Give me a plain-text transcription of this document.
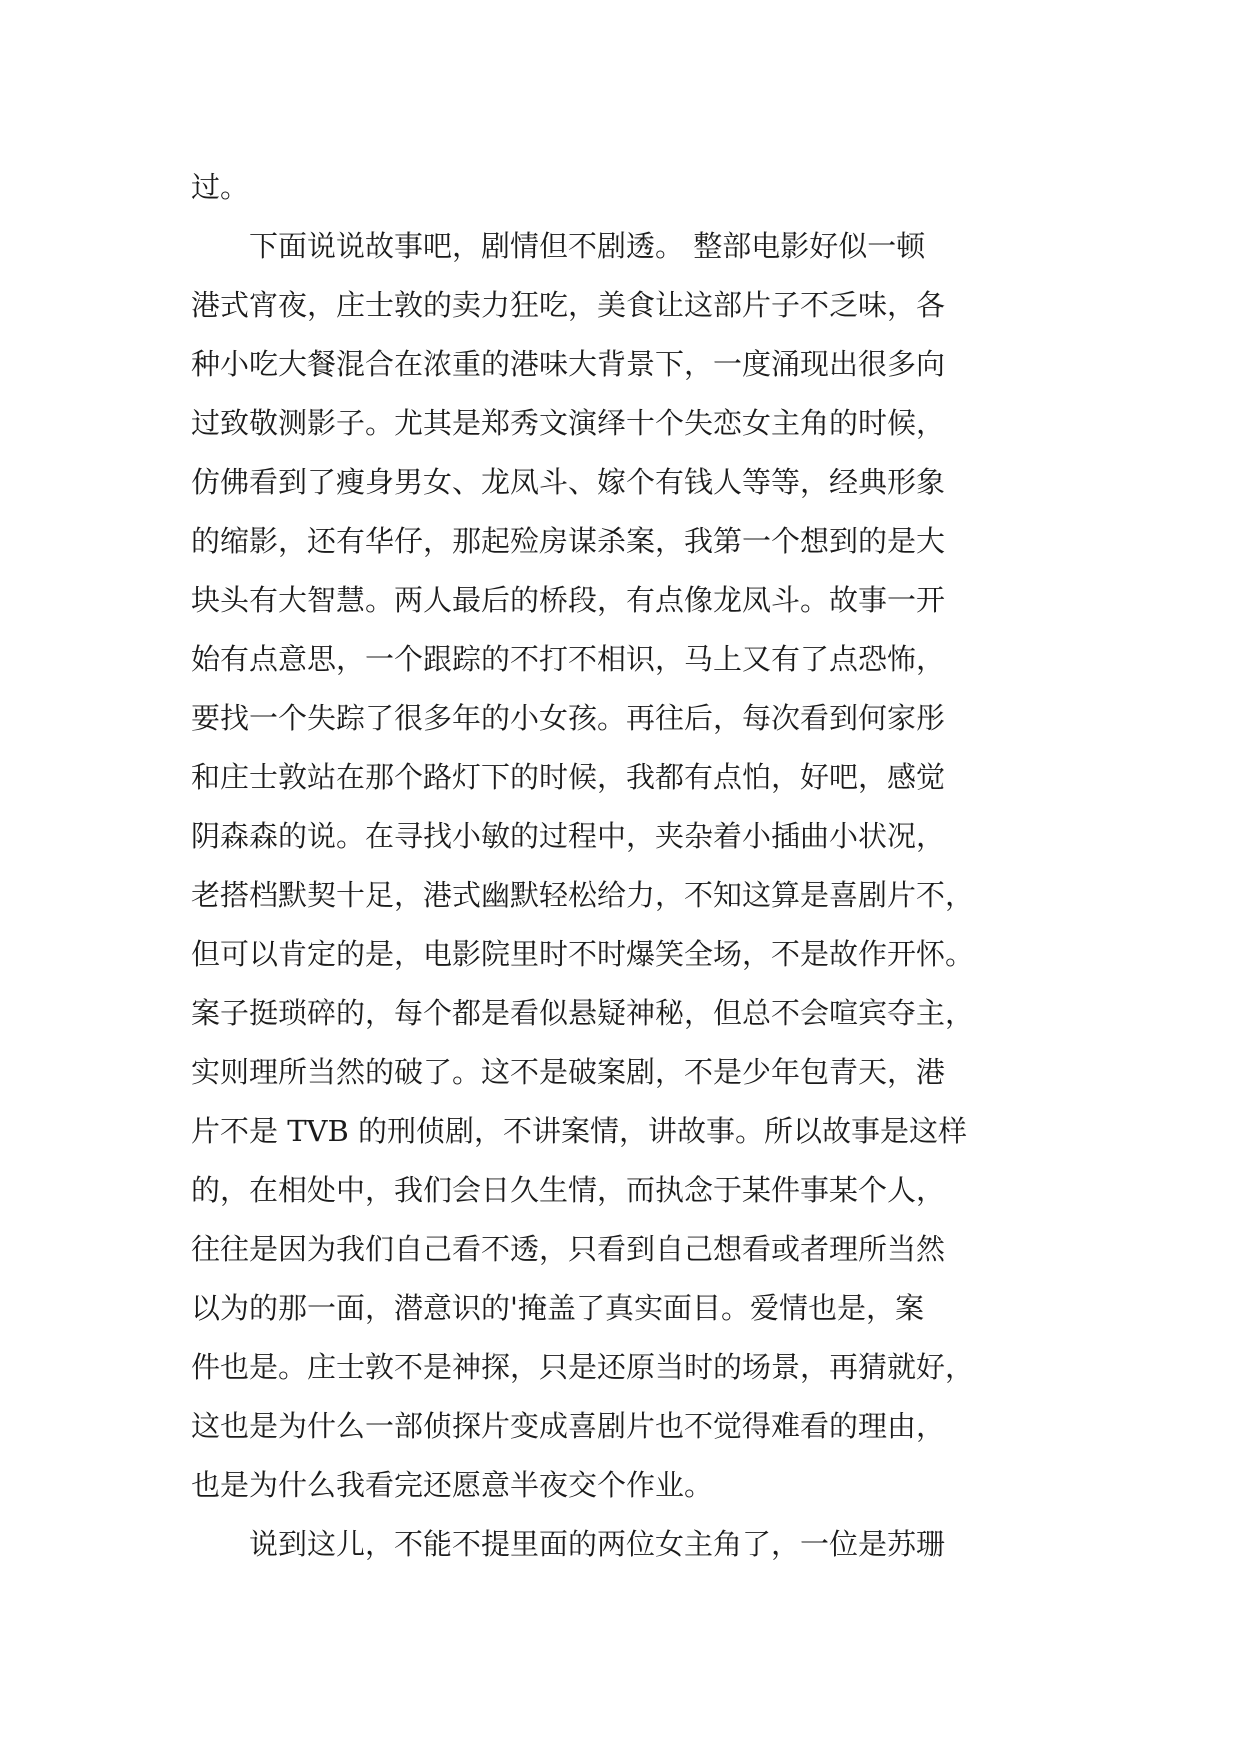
过。
下面说说故事吧，剧情但不剧透。 整部电影好似一顿
港式宵夜，庄士敦的卖力狂吃，美食让这部片子不乏味，各
种小吃大餐混合在浓重的港味大背景下，一度涌现出很多向
过致敬测影子。尤其是郑秀文演绎十个失恋女主角的时候，
仿佛看到了瘦身男女、龙凤斗、嫁个有钱人等等，经典形象
的缩影，还有华仔，那起殓房谋杀案，我第一个想到的是大
块头有大智慧。两人最后的桥段，有点像龙凤斗。故事一开
始有点意思，一个跟踪的不打不相识，马上又有了点恐怖，
要找一个失踪了很多年的小女孩。再往后，每次看到何家彤
和庄士敦站在那个路灯下的时候，我都有点怕，好吧，感觉
阴森森的说。在寻找小敏的过程中，夹杂着小插曲小状况，
老搭档默契十足，港式幽默轻松给力，不知这算是喜剧片不，
但可以肯定的是，电影院里时不时爆笑全场，不是故作开怀。
案子挺琐碎的，每个都是看似悬疑神秘，但总不会喧宾夺主，
实则理所当然的破了。这不是破案剧，不是少年包青天，港
片不是 TVB 的刑侦剧，不讲案情，讲故事。所以故事是这样
的，在相处中，我们会日久生情，而执念于某件事某个人，
往往是因为我们自己看不透，只看到自己想看或者理所当然
以为的那一面，潜意识的'掩盖了真实面目。爱情也是，案
件也是。庄士敦不是神探，只是还原当时的场景，再猜就好，
这也是为什么一部侦探片变成喜剧片也不觉得难看的理由，
也是为什么我看完还愿意半夜交个作业。
说到这儿，不能不提里面的两位女主角了，一位是苏珊
